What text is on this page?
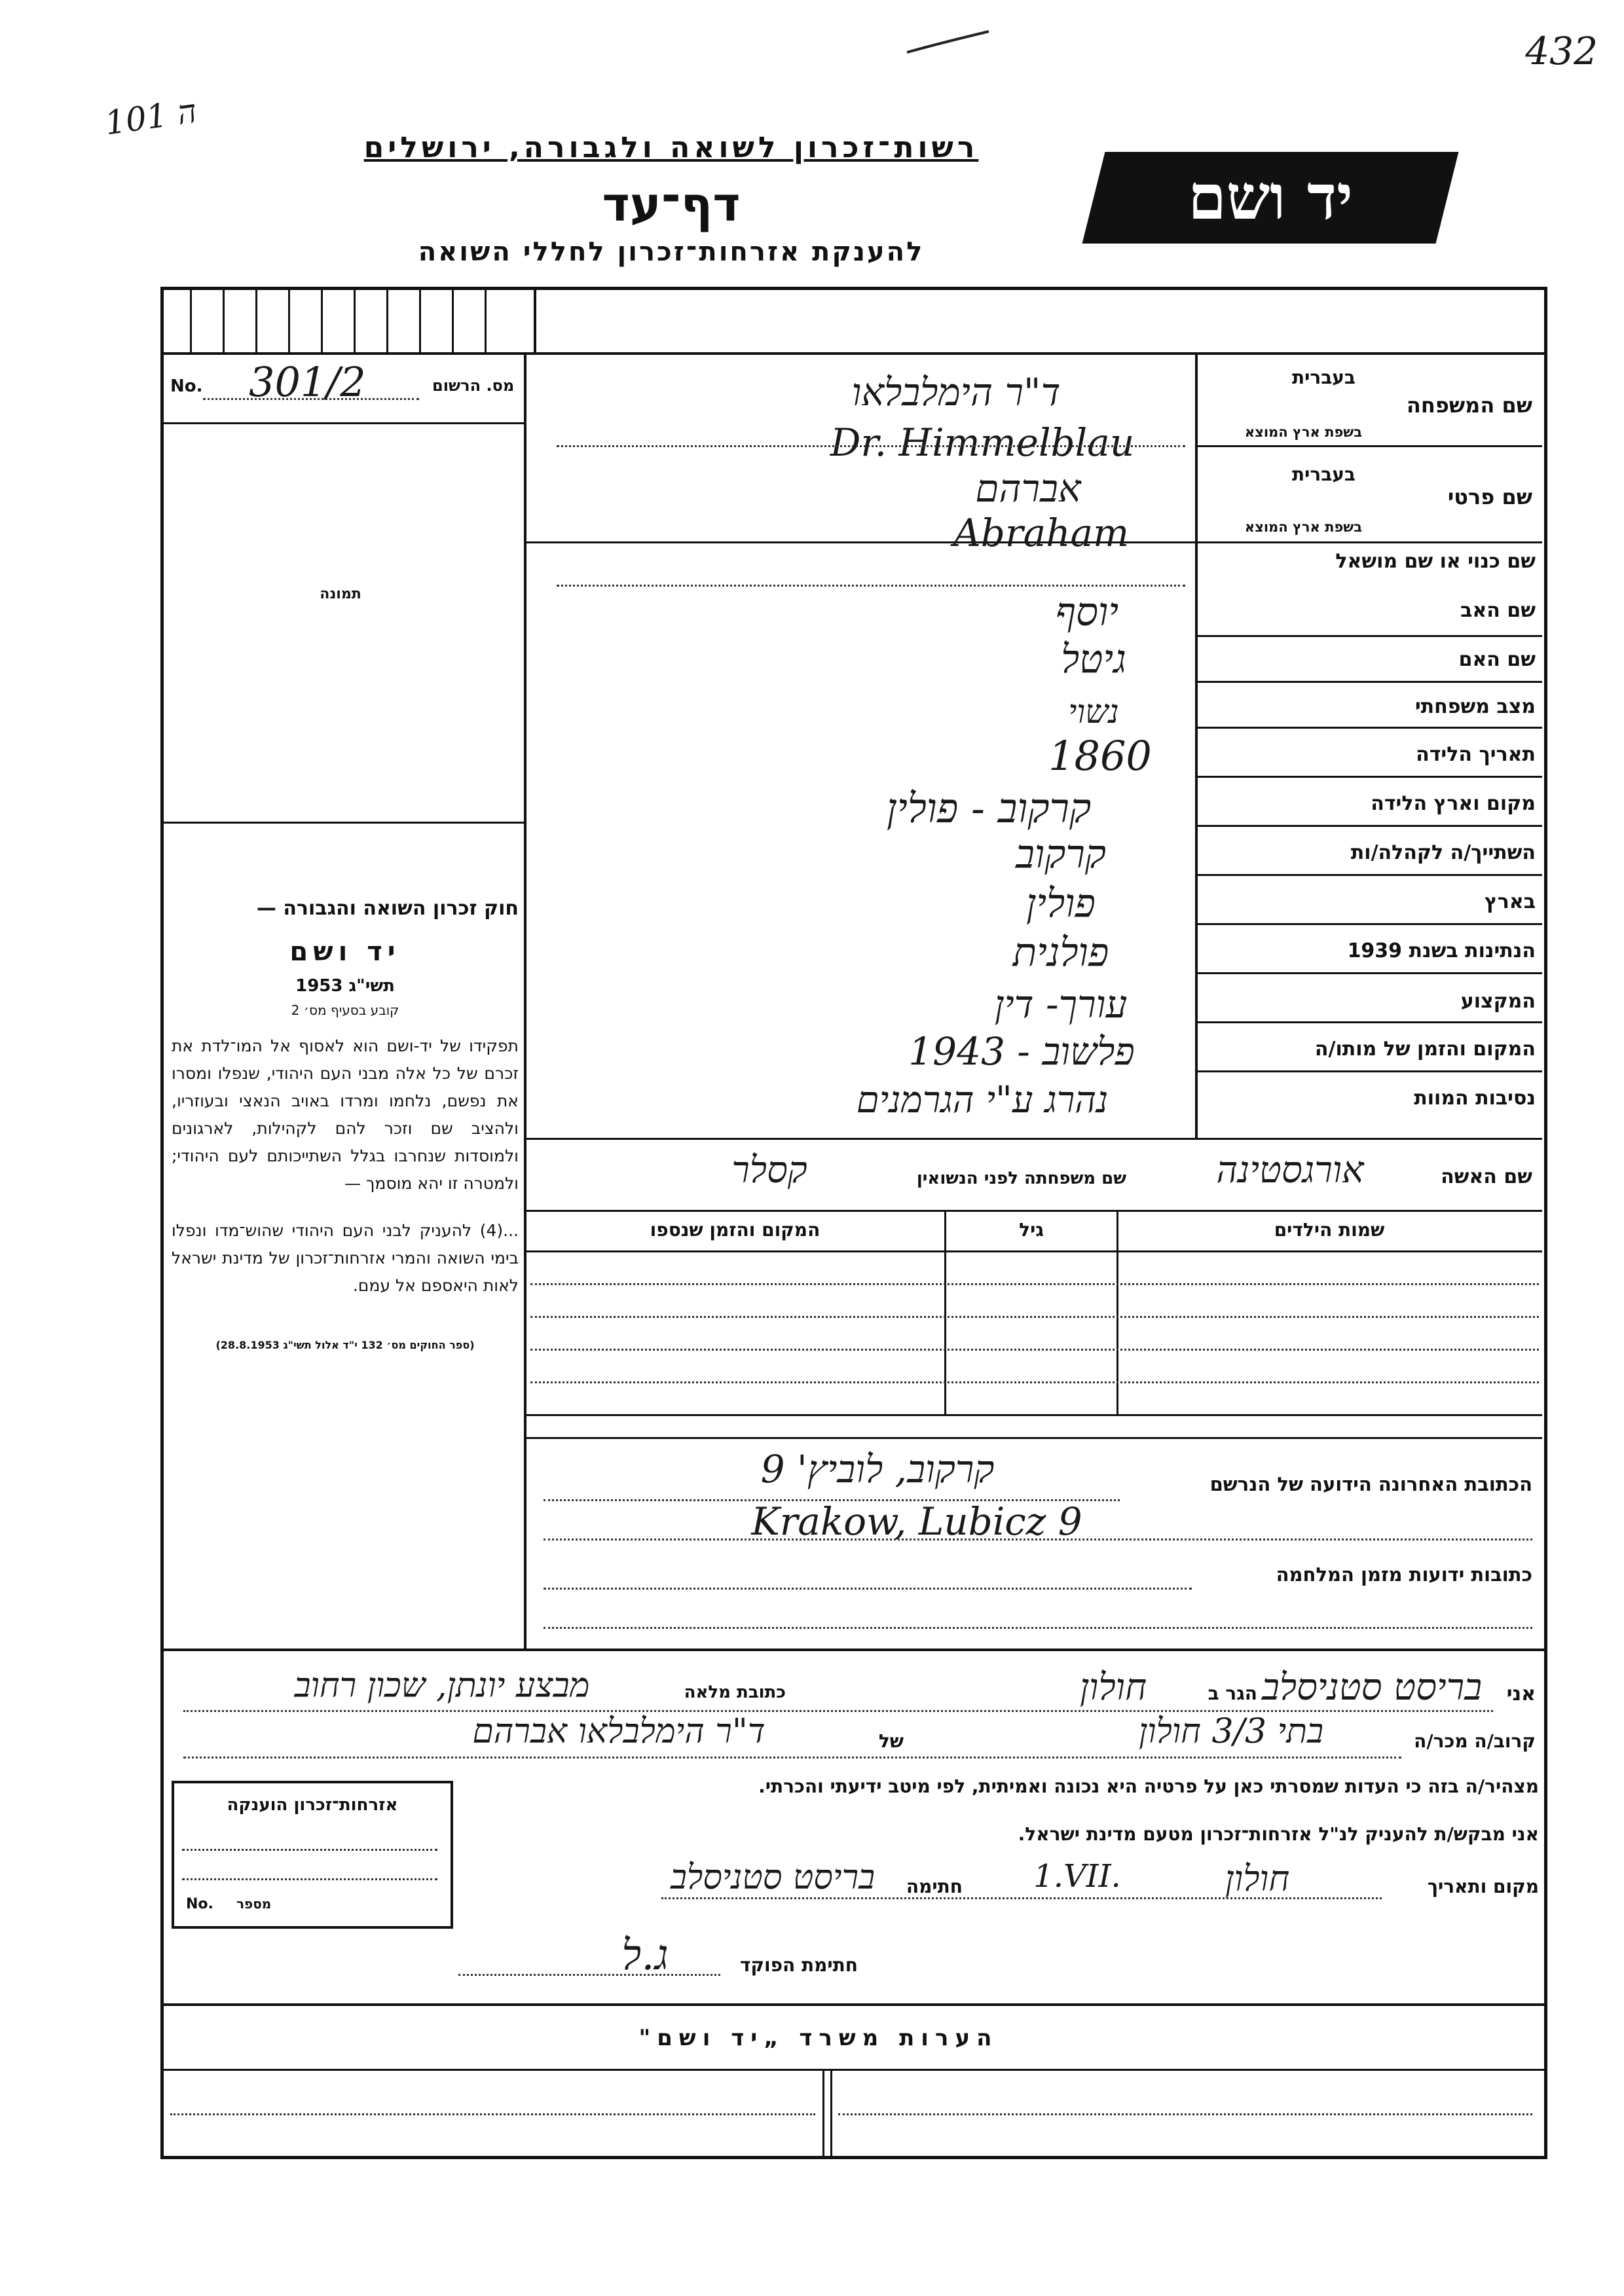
432
101 ה
רשות־זכרון לשואה ולגבורה, ירושלים
דף־עד
להענקת אזרחות־זכרון לחללי השואה
יד ושם
No. 301/2	מס. הרשום
תמונה
חוק זכרון השואה והגבורה —
יד ושם
תשי"ג 1953
קובע בסעיף מס׳ 2
תפקידו של יד-ושם הוא לאסוף אל המו־לדת את זכרם של כל אלה מבני העם היהודי, שנפלו ומסרו את נפשם, נלחמו ומרדו באויב הנאצי ובעוזריו, ולהציב שם וזכר להם לקהילות, לארגונים ולמוסדות שנחרבו בגלל השתייכותם לעם היהודי; ולמטרה זו יהא מוסמך —
...(4) להעניק לבני העם היהודי שהוש־מדו ונפלו בימי השואה והמרי אזרחות־זכרון של מדינת ישראל לאות היאספם אל עמם.
(ספר החוקים מס׳ 132 י"ד אלול תשי"ג 28.8.1953)
שם המשפחה
בעברית
בשפת ארץ המוצא
ד"ר הימלבלאו
Dr. Himmelblau
שם פרטי
בעברית
בשפת ארץ המוצא
אברהם
Abraham
שם כנוי או שם מושאל
שם האב
יוסף
שם האם
גיטל
מצב משפחתי
נשוי
תאריך הלידה
1860
מקום וארץ הלידה
קרקוב - פולין
השתייך/ה לקהלה/ות
קרקוב
בארץ
פולין
הנתינות בשנת 1939
פולנית
המקצוע
עורך- דין
המקום והזמן של מותו/ה
פלשוב - 1943
נסיבות המוות
נהרג ע"י הגרמנים
שם האשה
אורגסטינה
שם משפחתה לפני הנשואין
קסלר
שמות הילדים
גיל
המקום והזמן שנספו
הכתובת האחרונה הידועה של הנרשם
קרקוב, לוביץ' 9
Krakow, Lubicz 9
כתובות ידועות מזמן המלחמה
אני
בריסט סטניסלב
הגר ב
חולון
כתובת מלאה
מבצע יונתן, שכון רחוב
קרוב/ה מכר/ה
בתי 3/3 חולון
של
ד"ר הימלבלאו אברהם
מצהיר/ה בזה כי העדות שמסרתי כאן על פרטיה היא נכונה ואמיתית, לפי מיטב ידיעתי והכרתי.
אני מבקש/ת להעניק לנ"ל אזרחות־זכרון מטעם מדינת ישראל.
מקום ותאריך
חולון
1.VII.
חתימה
בריסט סטניסלב
חתימת הפוקד
ג.ל
אזרחות־זכרון הוענקה
No. מספר
הערות משרד „יד ושם"
